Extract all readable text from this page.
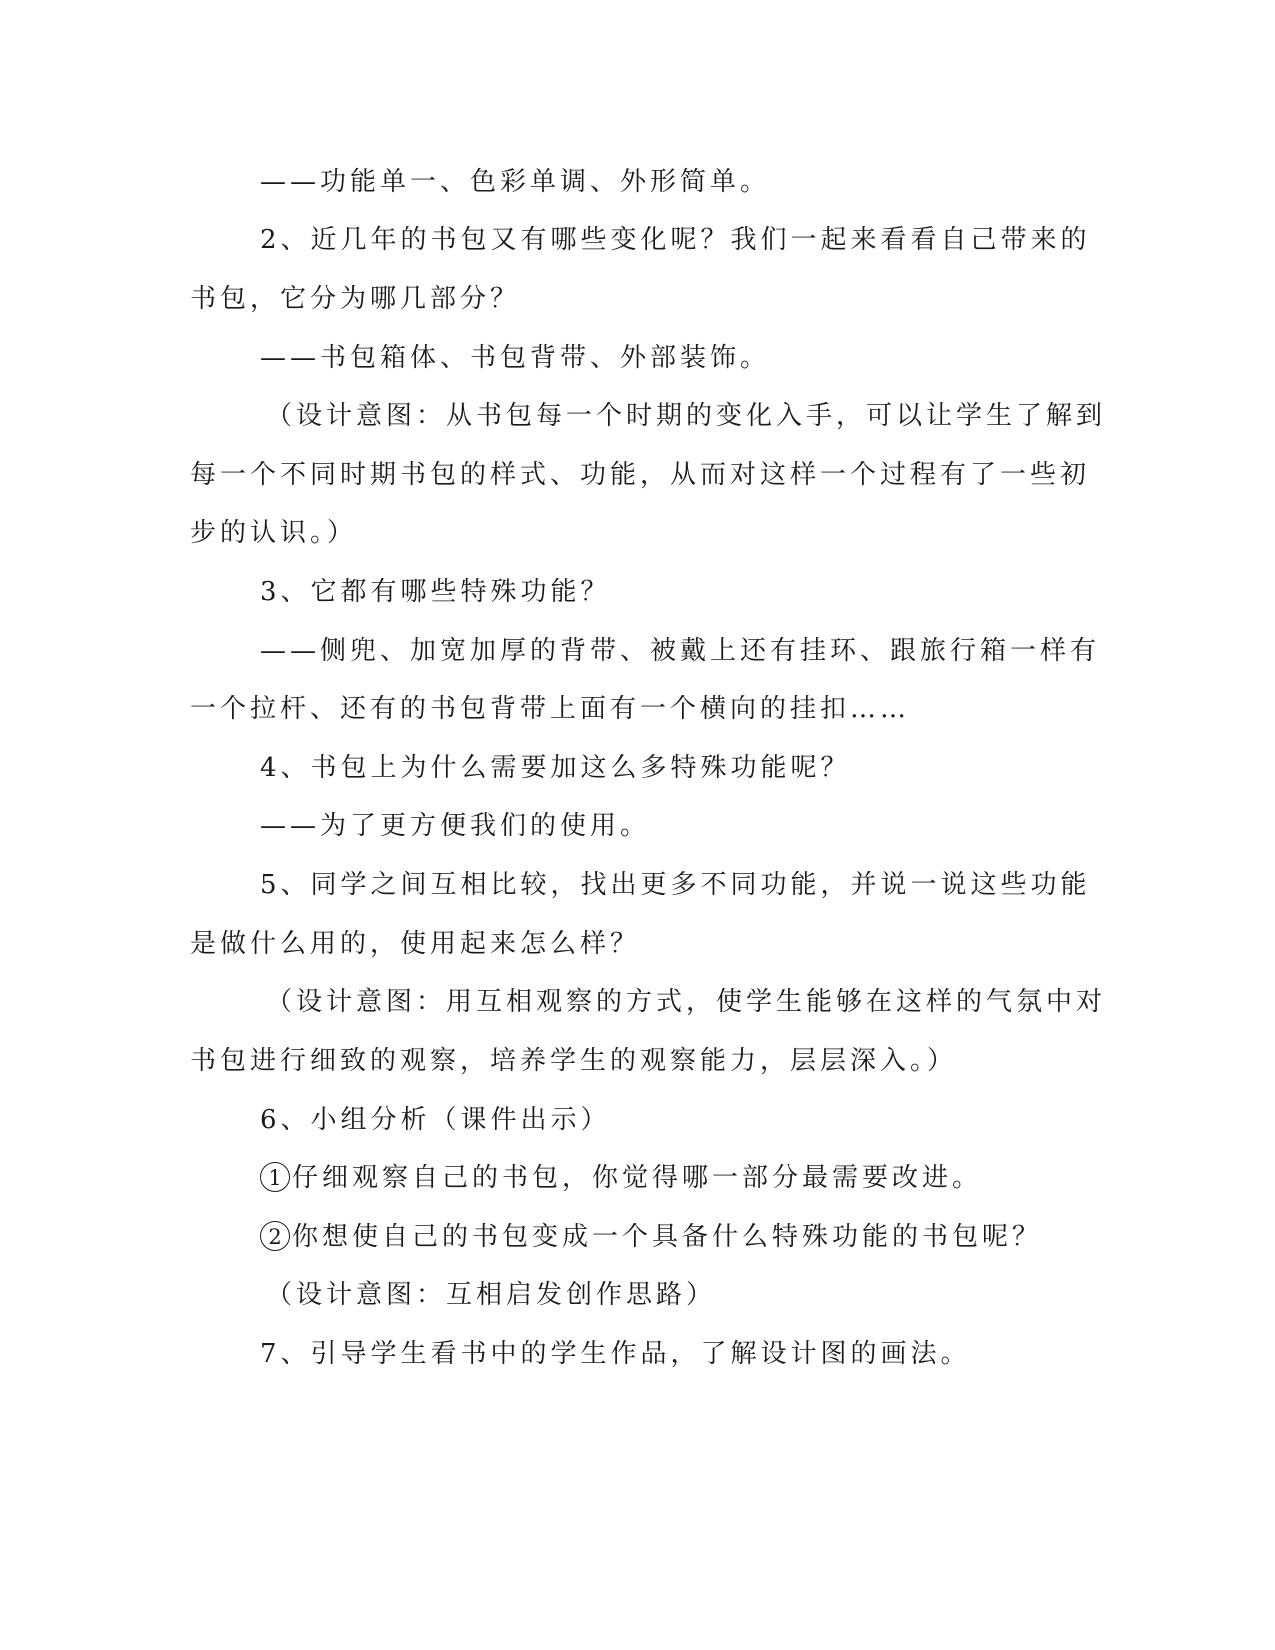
——功能单一、色彩单调、外形简单。
2、近几年的书包又有哪些变化呢？我们一起来看看自己带来的
书包，它分为哪几部分？
——书包箱体、书包背带、外部装饰。
（设计意图：从书包每一个时期的变化入手，可以让学生了解到
每一个不同时期书包的样式、功能，从而对这样一个过程有了一些初
步的认识。）
3、它都有哪些特殊功能？
——侧兜、加宽加厚的背带、被戴上还有挂环、跟旅行箱一样有
一个拉杆、还有的书包背带上面有一个横向的挂扣……
4、书包上为什么需要加这么多特殊功能呢？
——为了更方便我们的使用。
5、同学之间互相比较，找出更多不同功能，并说一说这些功能
是做什么用的，使用起来怎么样？
（设计意图：用互相观察的方式，使学生能够在这样的气氛中对
书包进行细致的观察，培养学生的观察能力，层层深入。）
6、小组分析（课件出示）
1 仔细观察自己的书包，你觉得哪一部分最需要改进。
2 你想使自己的书包变成一个具备什么特殊功能的书包呢？
（设计意图：互相启发创作思路）
7、引导学生看书中的学生作品，了解设计图的画法。
